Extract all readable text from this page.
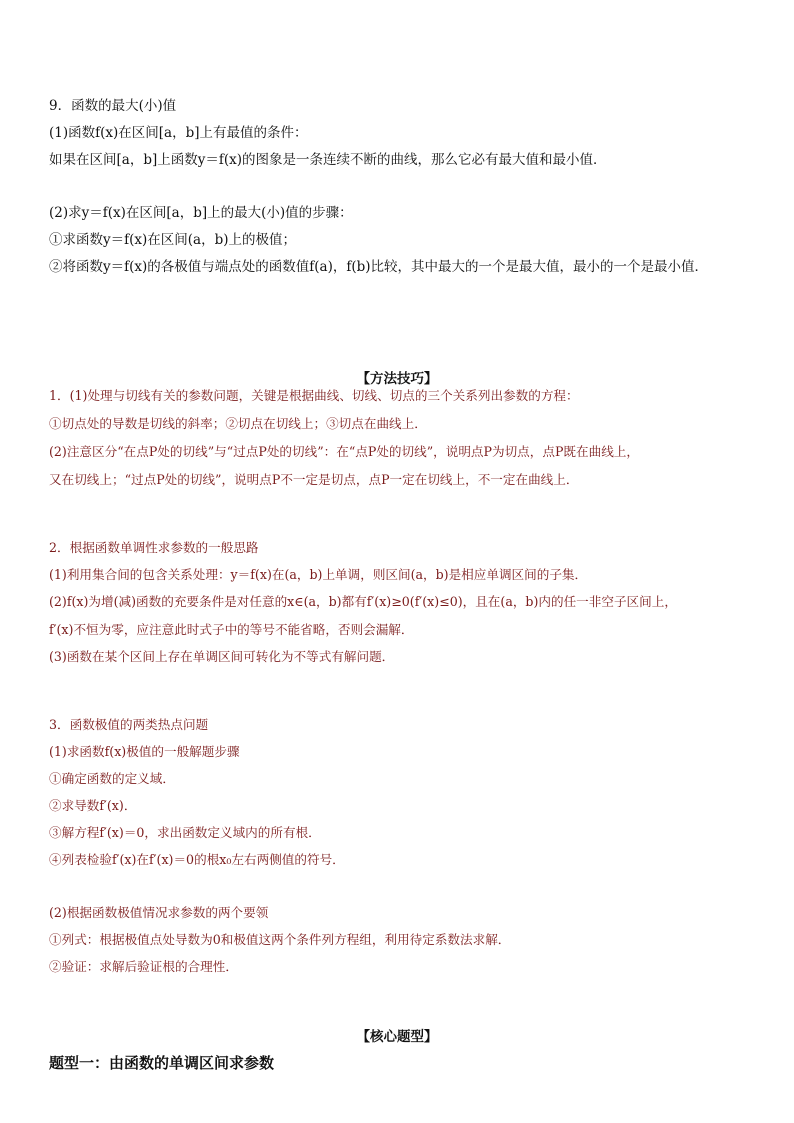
9．函数的最大(小)值
(1)函数f(x)在区间[a，b]上有最值的条件：
如果在区间[a，b]上函数y＝f(x)的图象是一条连续不断的曲线，那么它必有最大值和最小值．
(2)求y＝f(x)在区间[a，b]上的最大(小)值的步骤：
①求函数y＝f(x)在区间(a，b)上的极值；
②将函数y＝f(x)的各极值与端点处的函数值f(a)，f(b)比较，其中最大的一个是最大值，最小的一个是最小值．
【方法技巧】
1．(1)处理与切线有关的参数问题，关键是根据曲线、切线、切点的三个关系列出参数的方程：
①切点处的导数是切线的斜率；②切点在切线上；③切点在曲线上．
(2)注意区分“在点P处的切线”与“过点P处的切线”：在“点P处的切线”，说明点P为切点，点P既在曲线上，
又在切线上；“过点P处的切线”，说明点P不一定是切点，点P一定在切线上，不一定在曲线上．
2．根据函数单调性求参数的一般思路
(1)利用集合间的包含关系处理：y＝f(x)在(a，b)上单调，则区间(a，b)是相应单调区间的子集．
(2)f(x)为增(减)函数的充要条件是对任意的x∈(a，b)都有f′(x)≥0(f′(x)≤0)，且在(a，b)内的任一非空子区间上，
f′(x)不恒为零，应注意此时式子中的等号不能省略，否则会漏解．
(3)函数在某个区间上存在单调区间可转化为不等式有解问题．
3．函数极值的两类热点问题
(1)求函数f(x)极值的一般解题步骤
①确定函数的定义域．
②求导数f′(x)．
③解方程f′(x)＝0，求出函数定义域内的所有根．
④列表检验f′(x)在f′(x)＝0的根x₀左右两侧值的符号．
(2)根据函数极值情况求参数的两个要领
①列式：根据极值点处导数为0和极值这两个条件列方程组，利用待定系数法求解．
②验证：求解后验证根的合理性．
【核心题型】
题型一：由函数的单调区间求参数
